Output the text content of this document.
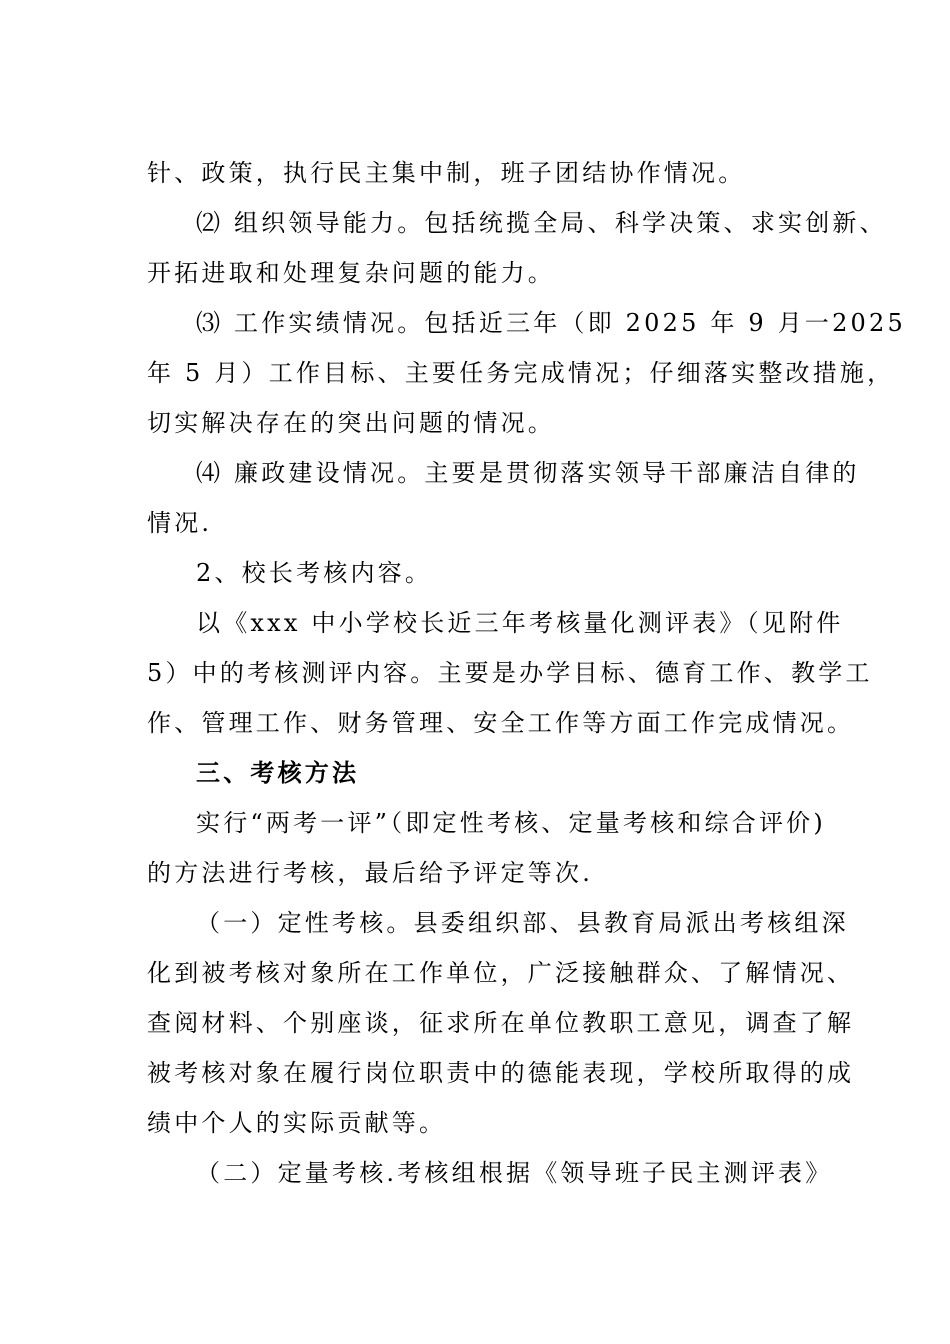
针、政策，执行民主集中制，班子团结协作情况。
⑵ 组织领导能力。包括统揽全局、科学决策、求实创新、
开拓进取和处理复杂问题的能力。
⑶ 工作实绩情况。包括近三年（即 2025 年 9 月一2025
年 5 月）工作目标、主要任务完成情况；仔细落实整改措施，
切实解决存在的突出问题的情况。
⑷ 廉政建设情况。主要是贯彻落实领导干部廉洁自律的
情况.
2、校长考核内容。
以《xxx 中小学校长近三年考核量化测评表》（见附件
5）中的考核测评内容。主要是办学目标、德育工作、教学工
作、管理工作、财务管理、安全工作等方面工作完成情况。
三、考核方法
实行“两考一评”（即定性考核、定量考核和综合评价)
的方法进行考核，最后给予评定等次.
（一）定性考核。县委组织部、县教育局派出考核组深
化到被考核对象所在工作单位，广泛接触群众、了解情况、
查阅材料、个别座谈，征求所在单位教职工意见，调查了解
被考核对象在履行岗位职责中的德能表现，学校所取得的成
绩中个人的实际贡献等。
（二）定量考核.考核组根据《领导班子民主测评表》
